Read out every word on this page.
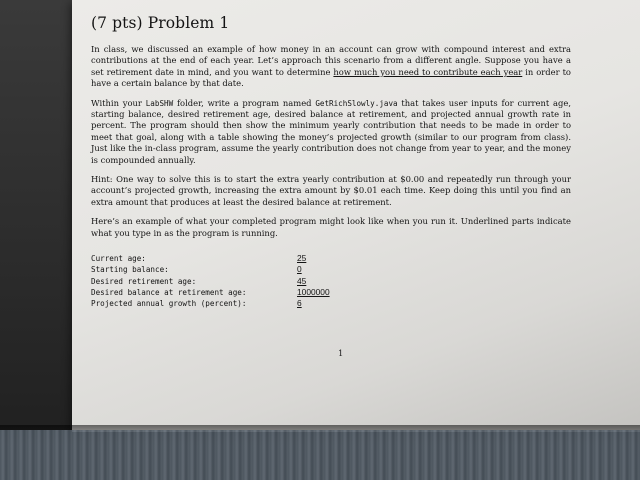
(7 pts) Problem 1

In class, we discussed an example of how money in an account can grow with compound interest and extra contributions at the end of each year. Let’s approach this scenario from a different angle. Suppose you have a set retirement date in mind, and you want to determine how much you need to contribute each year in order to have a certain balance by that date.

Within your LabSHW folder, write a program named GetRichSlowly.java that takes user inputs for current age, starting balance, desired retirement age, desired balance at retirement, and projected annual growth rate in percent. The program should then show the minimum yearly contribution that needs to be made in order to meet that goal, along with a table showing the money’s projected growth (similar to our program from class). Just like the in-class program, assume the yearly contribution does not change from year to year, and the money is compounded annually.

Hint: One way to solve this is to start the extra yearly contribution at $0.00 and repeatedly run through your account’s projected growth, increasing the extra amount by $0.01 each time. Keep doing this until you find an extra amount that produces at least the desired balance at retirement.

Here’s an example of what your completed program might look like when you run it. Underlined parts indicate what you type in as the program is running.

Current age:	25
Starting balance:	0
Desired retirement age:	45
Desired balance at retirement age:	1000000
Projected annual growth (percent):	6
1
